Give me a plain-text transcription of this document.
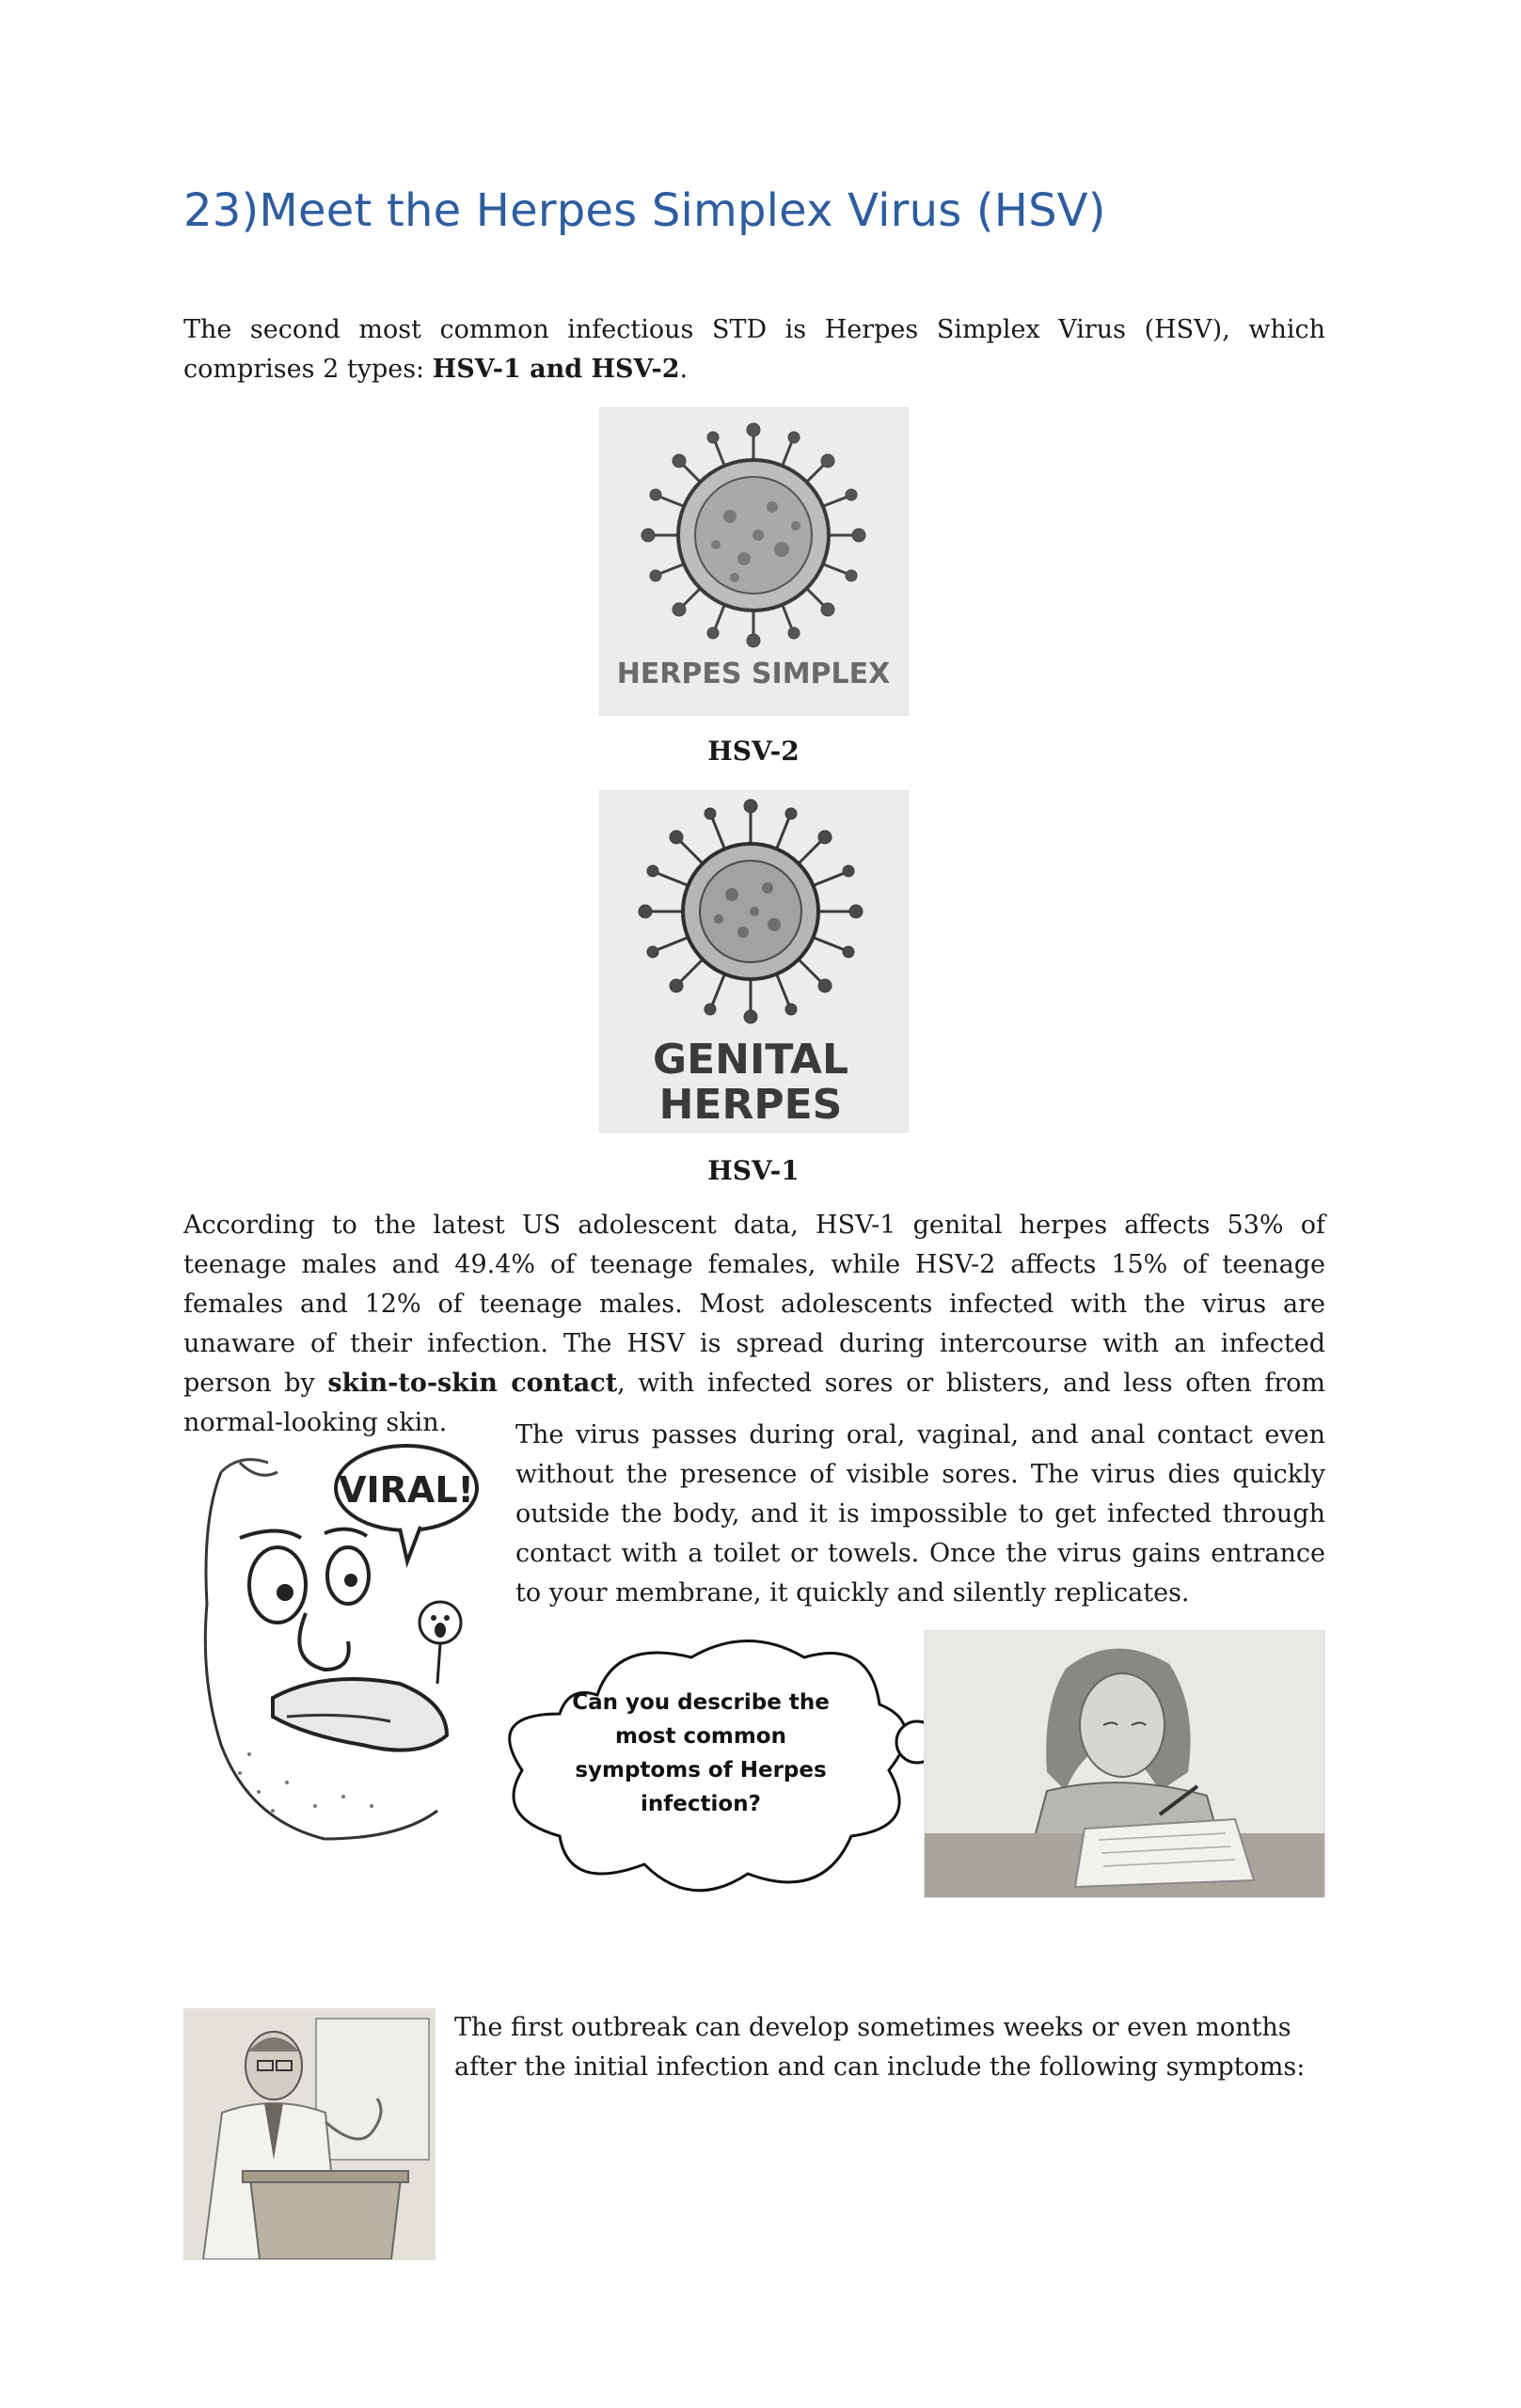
23)Meet the Herpes Simplex Virus (HSV)
The second most common infectious STD is Herpes Simplex Virus (HSV), which comprises 2 types: HSV-1 and HSV-2.
HERPES SIMPLEX
HSV-2
GENITAL
HERPES
HSV-1
According to the latest US adolescent data, HSV-1 genital herpes affects 53% of teenage males and 49.4% of teenage females, while HSV-2 affects 15% of teenage females and 12% of teenage males. Most adolescents infected with the virus are unaware of their infection. The HSV is spread during intercourse with an infected person by skin-to-skin contact, with infected sores or blisters, and less often from normal-looking skin.
VIRAL!
The virus passes during oral, vaginal, and anal contact even without the presence of visible sores. The virus dies quickly outside the body, and it is impossible to get infected through contact with a toilet or towels. Once the virus gains entrance to your membrane, it quickly and silently replicates.
Can you describe the most common symptoms of Herpes infection?
The first outbreak can develop sometimes weeks or even months after the initial infection and can include the following symptoms:
